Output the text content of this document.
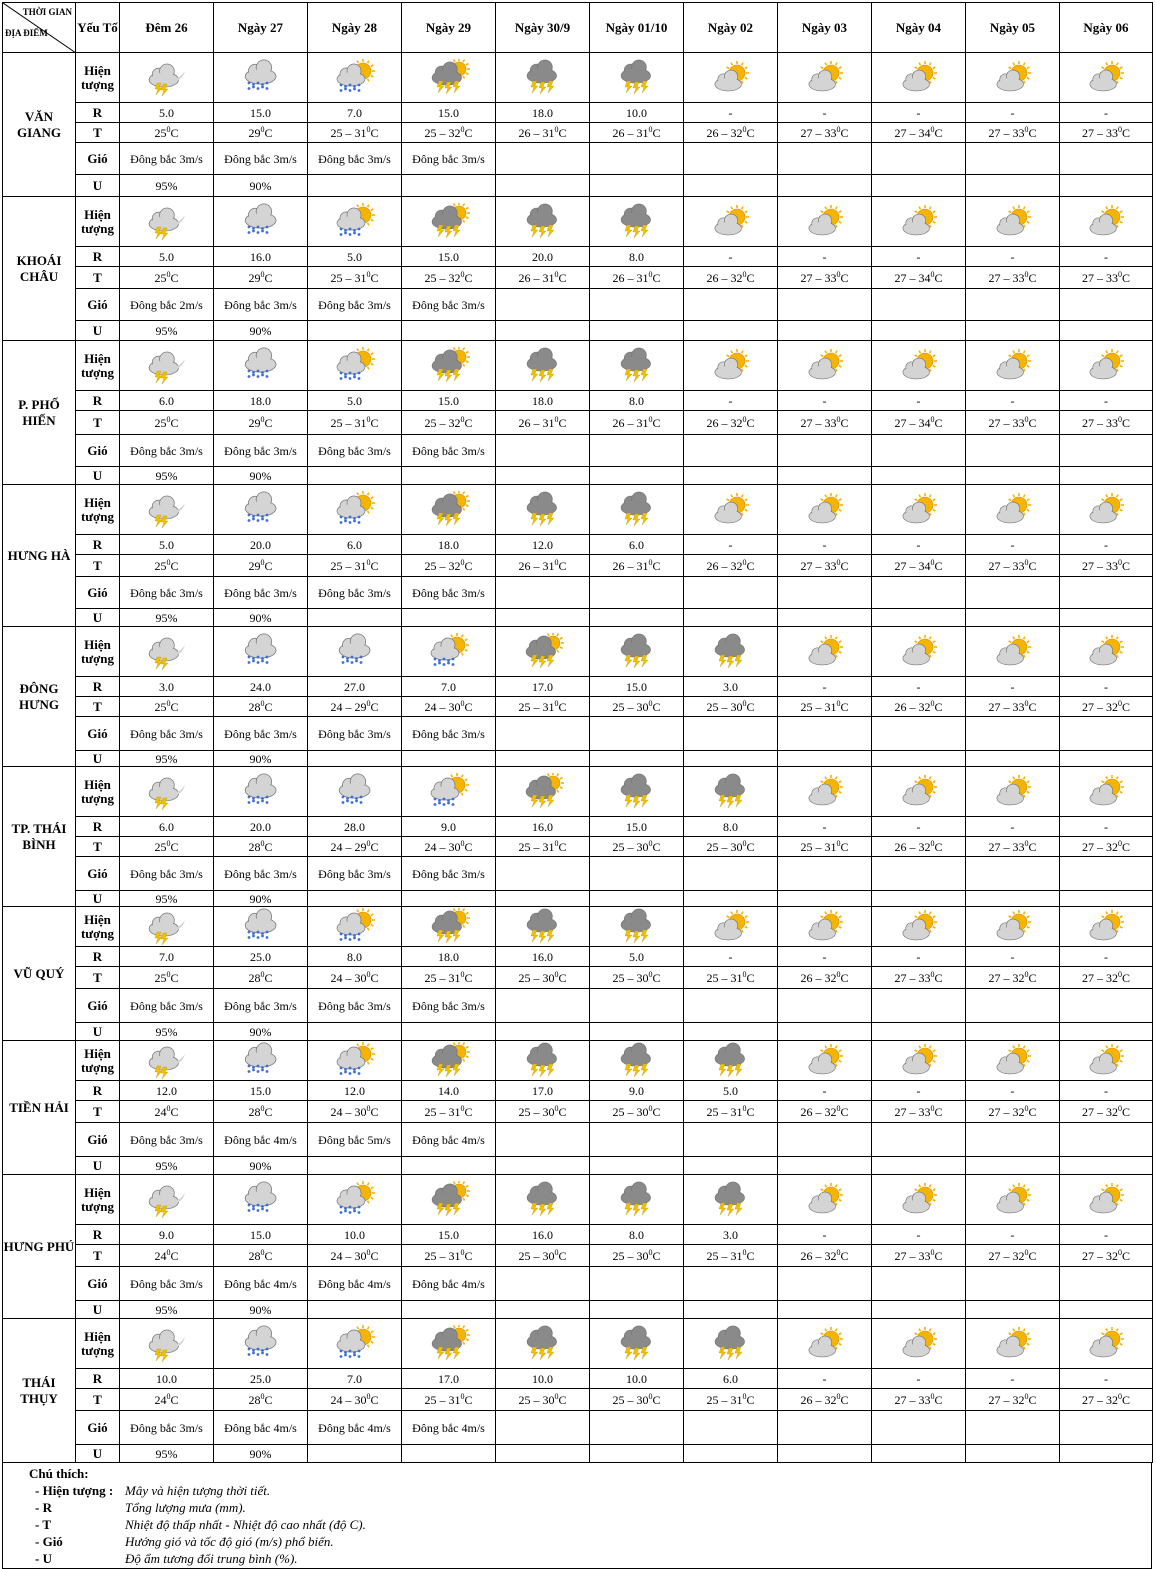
THỜI GIAN
ĐỊA ĐIỂM	Yếu Tố	Đêm 26	Ngày 27	Ngày 28	Ngày 29	Ngày 30/9	Ngày 01/10	Ngày 02	Ngày 03	Ngày 04	Ngày 05	Ngày 06
VĂN GIANG	Hiện tượng	

	R	5.0	15.0	7.0	15.0	18.0	10.0	-	-	-	-	-
	T	$25^0C$	$29^0C$	$25 - 31^0C$	$25 - 32^0C$	$26 - 31^0C$	$26 - 31^0C$	$26 - 32^0C$	$27 - 33^0C$	$27 - 34^0C$	$27 - 33^0C$	$27 - 33^0C$
	Gió	Đông bắc 3m/s	Đông bắc 3m/s	Đông bắc 3m/s	Đông bắc 3m/s							
	U	95%	90%									
KHOÁI CHÂU	Hiện tượng	

	R	5.0	16.0	5.0	15.0	20.0	8.0	-	-	-	-	-
	T	$25^0C$	$29^0C$	$25 - 31^0C$	$25 - 32^0C$	$26 - 31^0C$	$26 - 31^0C$	$26 - 32^0C$	$27 - 33^0C$	$27 - 34^0C$	$27 - 33^0C$	$27 - 33^0C$
	Gió	Đông bắc 2m/s	Đông bắc 3m/s	Đông bắc 3m/s	Đông bắc 3m/s							
	U	95%	90%									
P. PHỐ HIẾN	Hiện tượng	

	R	6.0	18.0	5.0	15.0	18.0	8.0	-	-	-	-	-
	T	$25^0C$	$29^0C$	$25 - 31^0C$	$25 - 32^0C$	$26 - 31^0C$	$26 - 31^0C$	$26 - 32^0C$	$27 - 33^0C$	$27 - 34^0C$	$27 - 33^0C$	$27 - 33^0C$
	Gió	Đông bắc 3m/s	Đông bắc 3m/s	Đông bắc 3m/s	Đông bắc 3m/s							
	U	95%	90%									
HƯNG HÀ	Hiện tượng	

	R	5.0	20.0	6.0	18.0	12.0	6.0	-	-	-	-	-
	T	$25^0C$	$29^0C$	$25 - 31^0C$	$25 - 32^0C$	$26 - 31^0C$	$26 - 31^0C$	$26 - 32^0C$	$27 - 33^0C$	$27 - 34^0C$	$27 - 33^0C$	$27 - 33^0C$
	Gió	Đông bắc 3m/s	Đông bắc 3m/s	Đông bắc 3m/s	Đông bắc 3m/s							
	U	95%	90%									
ĐÔNG HƯNG	Hiện tượng	

	R	3.0	24.0	27.0	7.0	17.0	15.0	3.0	-	-	-	-
	T	$25^0C$	$28^0C$	$24 - 29^0C$	$24 - 30^0C$	$25 - 31^0C$	$25 - 30^0C$	$25 - 30^0C$	$25 - 31^0C$	$26 - 32^0C$	$27 - 33^0C$	$27 - 32^0C$
	Gió	Đông bắc 3m/s	Đông bắc 3m/s	Đông bắc 3m/s	Đông bắc 3m/s							
	U	95%	90%									
TP. THÁI BÌNH	Hiện tượng	

	R	6.0	20.0	28.0	9.0	16.0	15.0	8.0	-	-	-	-
	T	$25^0C$	$28^0C$	$24 - 29^0C$	$24 - 30^0C$	$25 - 31^0C$	$25 - 30^0C$	$25 - 30^0C$	$25 - 31^0C$	$26 - 32^0C$	$27 - 33^0C$	$27 - 32^0C$
	Gió	Đông bắc 3m/s	Đông bắc 3m/s	Đông bắc 3m/s	Đông bắc 3m/s							
	U	95%	90%									
VŨ QUÝ	Hiện tượng	

	R	7.0	25.0	8.0	18.0	16.0	5.0	-	-	-	-	-
	T	$25^0C$	$28^0C$	$24 - 30^0C$	$25 - 31^0C$	$25 - 30^0C$	$25 - 30^0C$	$25 - 31^0C$	$26 - 32^0C$	$27 - 33^0C$	$27 - 32^0C$	$27 - 32^0C$
	Gió	Đông bắc 3m/s	Đông bắc 3m/s	Đông bắc 3m/s	Đông bắc 3m/s							
	U	95%	90%									
TIỀN HẢI	Hiện tượng	

	R	12.0	15.0	12.0	14.0	17.0	9.0	5.0	-	-	-	-
	T	$24^0C$	$28^0C$	$24 - 30^0C$	$25 - 31^0C$	$25 - 30^0C$	$25 - 30^0C$	$25 - 31^0C$	$26 - 32^0C$	$27 - 33^0C$	$27 - 32^0C$	$27 - 32^0C$
	Gió	Đông bắc 3m/s	Đông bắc 4m/s	Đông bắc 5m/s	Đông bắc 4m/s							
	U	95%	90%									
HƯNG PHÚ	Hiện tượng	

	R	9.0	15.0	10.0	15.0	16.0	8.0	3.0	-	-	-	-
	T	$24^0C$	$28^0C$	$24 - 30^0C$	$25 - 31^0C$	$25 - 30^0C$	$25 - 30^0C$	$25 - 31^0C$	$26 - 32^0C$	$27 - 33^0C$	$27 - 32^0C$	$27 - 32^0C$
	Gió	Đông bắc 3m/s	Đông bắc 4m/s	Đông bắc 4m/s	Đông bắc 4m/s							
	U	95%	90%									
THÁI THỤY	Hiện tượng	

	R	10.0	25.0	7.0	17.0	10.0	10.0	6.0	-	-	-	-
	T	$24^0C$	$28^0C$	$24 - 30^0C$	$25 - 31^0C$	$25 - 30^0C$	$25 - 30^0C$	$25 - 31^0C$	$26 - 32^0C$	$27 - 33^0C$	$27 - 32^0C$	$27 - 32^0C$
	Gió	Đông bắc 3m/s	Đông bắc 4m/s	Đông bắc 4m/s	Đông bắc 4m/s							
	U	95%	90%									
Chú thích:
- Hiện tượng : Mây và hiện tượng thời tiết.
- R	Tổng lượng mưa (mm).
- T	Nhiệt độ thấp nhất - Nhiệt độ cao nhất (độ C).
- Gió	Hướng gió và tốc độ gió (m/s) phổ biến.
- U	Độ ẩm tương đối trung bình (%).
